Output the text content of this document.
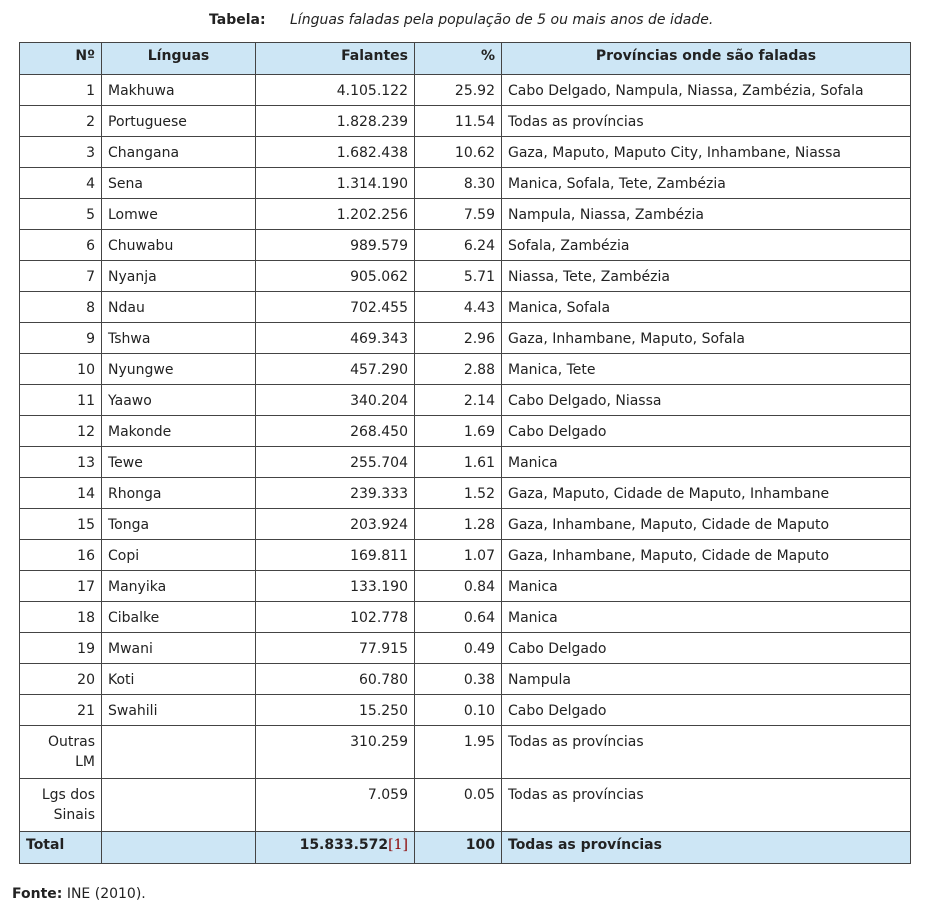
Tabela: Línguas faladas pela população de 5 ou mais anos de idade.
Nº	Línguas	Falantes	%	Províncias onde são faladas
1	Makhuwa	4.105.122	25.92	Cabo Delgado, Nampula, Niassa, Zambézia, Sofala
2	Portuguese	1.828.239	11.54	Todas as províncias
3	Changana	1.682.438	10.62	Gaza, Maputo, Maputo City, Inhambane, Niassa
4	Sena	1.314.190	8.30	Manica, Sofala, Tete, Zambézia
5	Lomwe	1.202.256	7.59	Nampula, Niassa, Zambézia
6	Chuwabu	989.579	6.24	Sofala, Zambézia
7	Nyanja	905.062	5.71	Niassa, Tete, Zambézia
8	Ndau	702.455	4.43	Manica, Sofala
9	Tshwa	469.343	2.96	Gaza, Inhambane, Maputo, Sofala
10	Nyungwe	457.290	2.88	Manica, Tete
11	Yaawo	340.204	2.14	Cabo Delgado, Niassa
12	Makonde	268.450	1.69	Cabo Delgado
13	Tewe	255.704	1.61	Manica
14	Rhonga	239.333	1.52	Gaza, Maputo, Cidade de Maputo, Inhambane
15	Tonga	203.924	1.28	Gaza, Inhambane, Maputo, Cidade de Maputo
16	Copi	169.811	1.07	Gaza, Inhambane, Maputo, Cidade de Maputo
17	Manyika	133.190	0.84	Manica
18	Cibalke	102.778	0.64	Manica
19	Mwani	77.915	0.49	Cabo Delgado
20	Koti	60.780	0.38	Nampula
21	Swahili	15.250	0.10	Cabo Delgado
Outras LM		310.259	1.95	Todas as províncias
Lgs dos Sinais		7.059	0.05	Todas as províncias
Total		15.833.572[1]	100	Todas as províncias
Fonte: INE (2010).
